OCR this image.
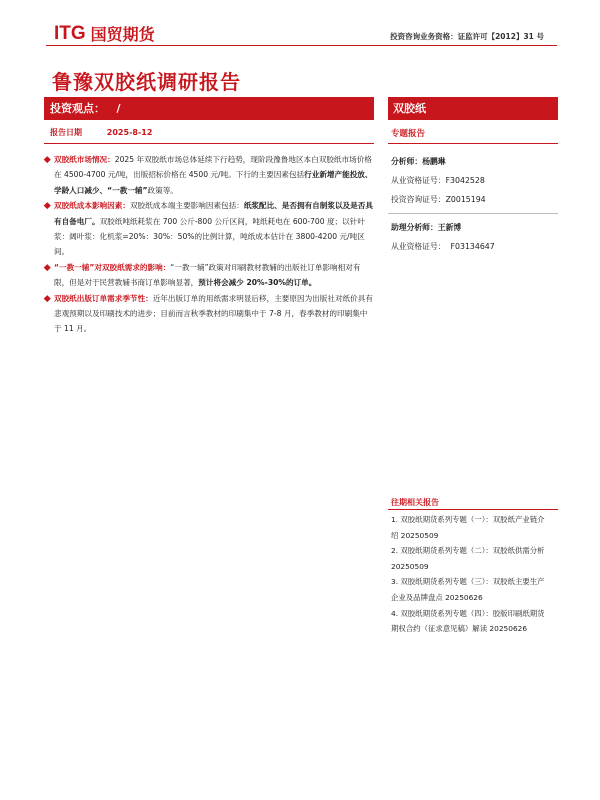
ITG 国贸期货	投资咨询业务资格：证监许可【2012】31 号
鲁豫双胶纸调研报告
投资观点：   /	双胶纸
报告日期	2025-8-12
双胶纸市场情况：2025 年双胶纸市场总体延续下行趋势，现阶段豫鲁地区本白双胶纸市场价格在 4500-4700 元/吨，出版招标价格在 4500 元/吨。下行的主要因素包括行业新增产能投放、学龄人口减少、“一教一辅”政策等。
双胶纸成本影响因素：双胶纸成本端主要影响因素包括：纸浆配比、是否拥有自制浆以及是否具有自备电厂。双胶纸吨纸耗浆在 700 公斤-800 公斤区间，吨纸耗电在 600-700 度；以针叶浆：阔叶浆：化机浆=20%：30%：50%的比例计算，吨纸成本估计在 3800-4200 元/吨区间。
“一教一辅”对双胶纸需求的影响：“一教一辅”政策对印刷教材教辅的出版社订单影响相对有限，但是对于民营教辅书商订单影响显著，预计将会减少 20%-30%的订单。
双胶纸出版订单需求季节性：近年出版订单的用纸需求明显后移，主要原因为出版社对纸价具有悲观预期以及印刷技术的进步；目前而言秋季教材的印刷集中于 7-8 月，春季教材的印刷集中于 11 月。
专题报告
分析师：杨鹏琳
从业资格证号：F3042528
投资咨询证号：Z0015194
助理分析师：王新博
从业资格证号：  F03134647
往期相关报告
1. 双胶纸期货系列专题（一）：双胶纸产业链介绍 20250509
2. 双胶纸期货系列专题（二）：双胶纸供需分析 20250509
3. 双胶纸期货系列专题（三）：双胶纸主要生产企业及品牌盘点 20250626
4. 双胶纸期货系列专题（四）：胶版印刷纸期货期权合约（征求意见稿）解读 20250626
